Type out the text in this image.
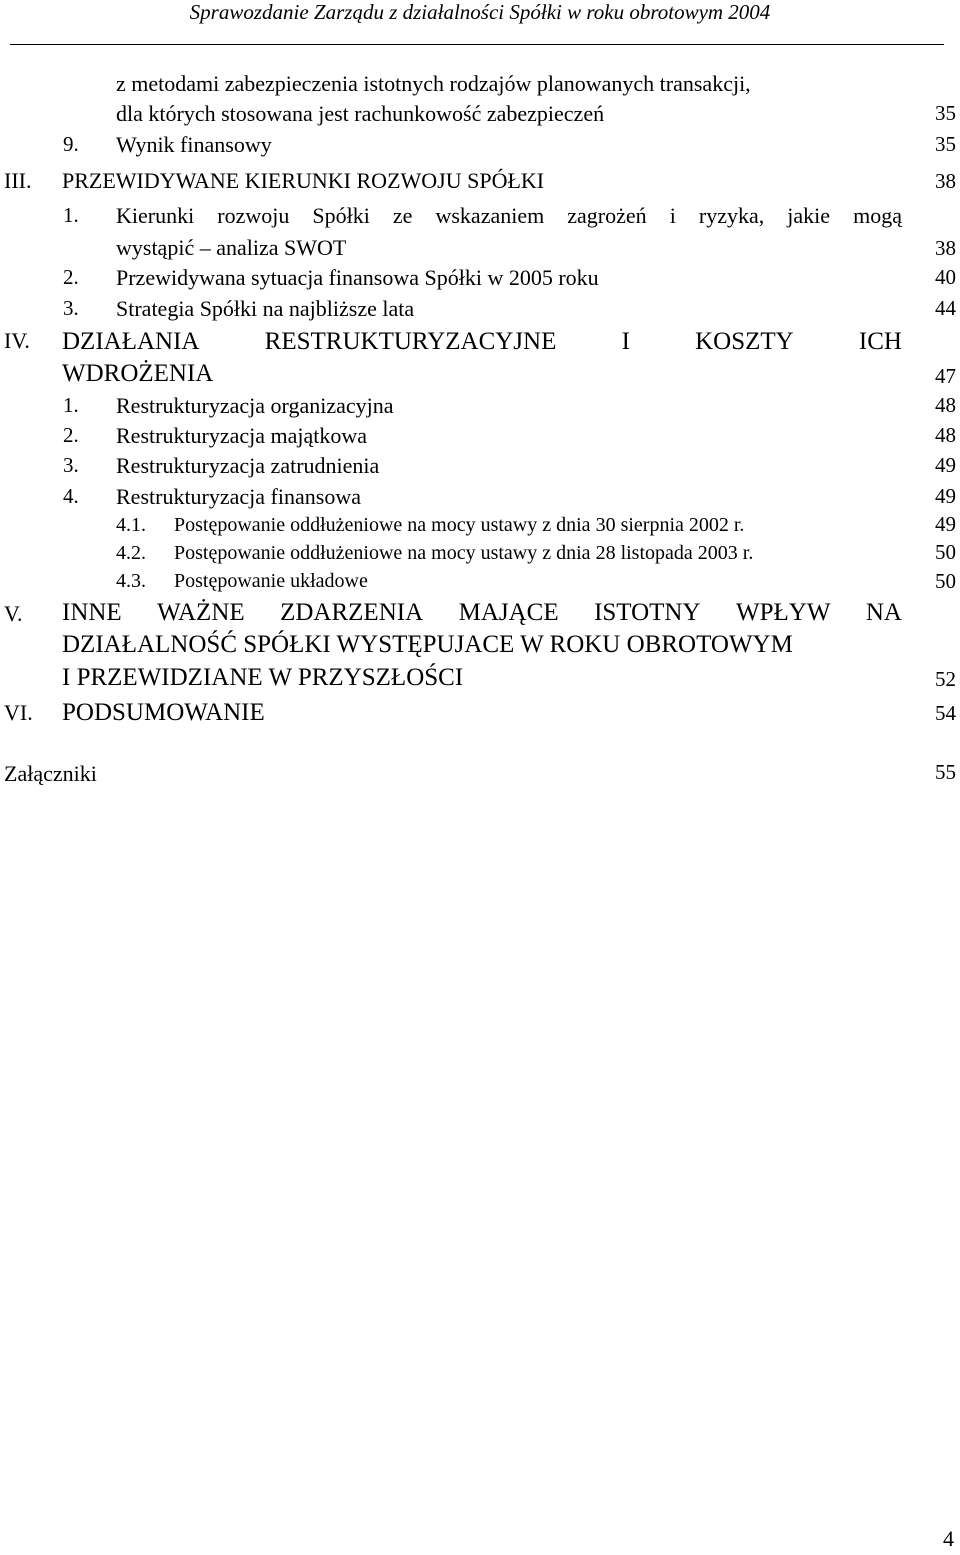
Sprawozdanie Zarządu z działalności Spółki w roku obrotowym 2004
z metodami zabezpieczenia istotnych rodzajów planowanych transakcji,
dla których stosowana jest rachunkowość zabezpieczeń	35
9. Wynik finansowy	35
III. PRZEWIDYWANE KIERUNKI ROZWOJU SPÓŁKI	38
1. Kierunki rozwoju Spółki ze wskazaniem zagrożeń i ryzyka, jakie mogą
wystąpić – analiza SWOT	38
2. Przewidywana sytuacja finansowa Spółki w 2005 roku	40
3. Strategia Spółki na najbliższe lata	44
IV. DZIAŁANIA	RESTRUKTURYZACYJNE	I	KOSZTY	ICH
WDROŻENIA	47
1. Restrukturyzacja organizacyjna	48
2. Restrukturyzacja majątkowa	48
3. Restrukturyzacja zatrudnienia	49
4. Restrukturyzacja finansowa	49
4.1. Postępowanie oddłużeniowe na mocy ustawy z dnia 30 sierpnia 2002 r.	49
4.2. Postępowanie oddłużeniowe na mocy ustawy z dnia 28 listopada 2003 r.	50
4.3. Postępowanie układowe	50
V. INNE WAŻNE ZDARZENIA MAJĄCE ISTOTNY WPŁYW NA
DZIAŁALNOŚĆ SPÓŁKI WYSTĘPUJACE W ROKU OBROTOWYM
I PRZEWIDZIANE W PRZYSZŁOŚCI	52
VI. PODSUMOWANIE	54
Załączniki	55
4
